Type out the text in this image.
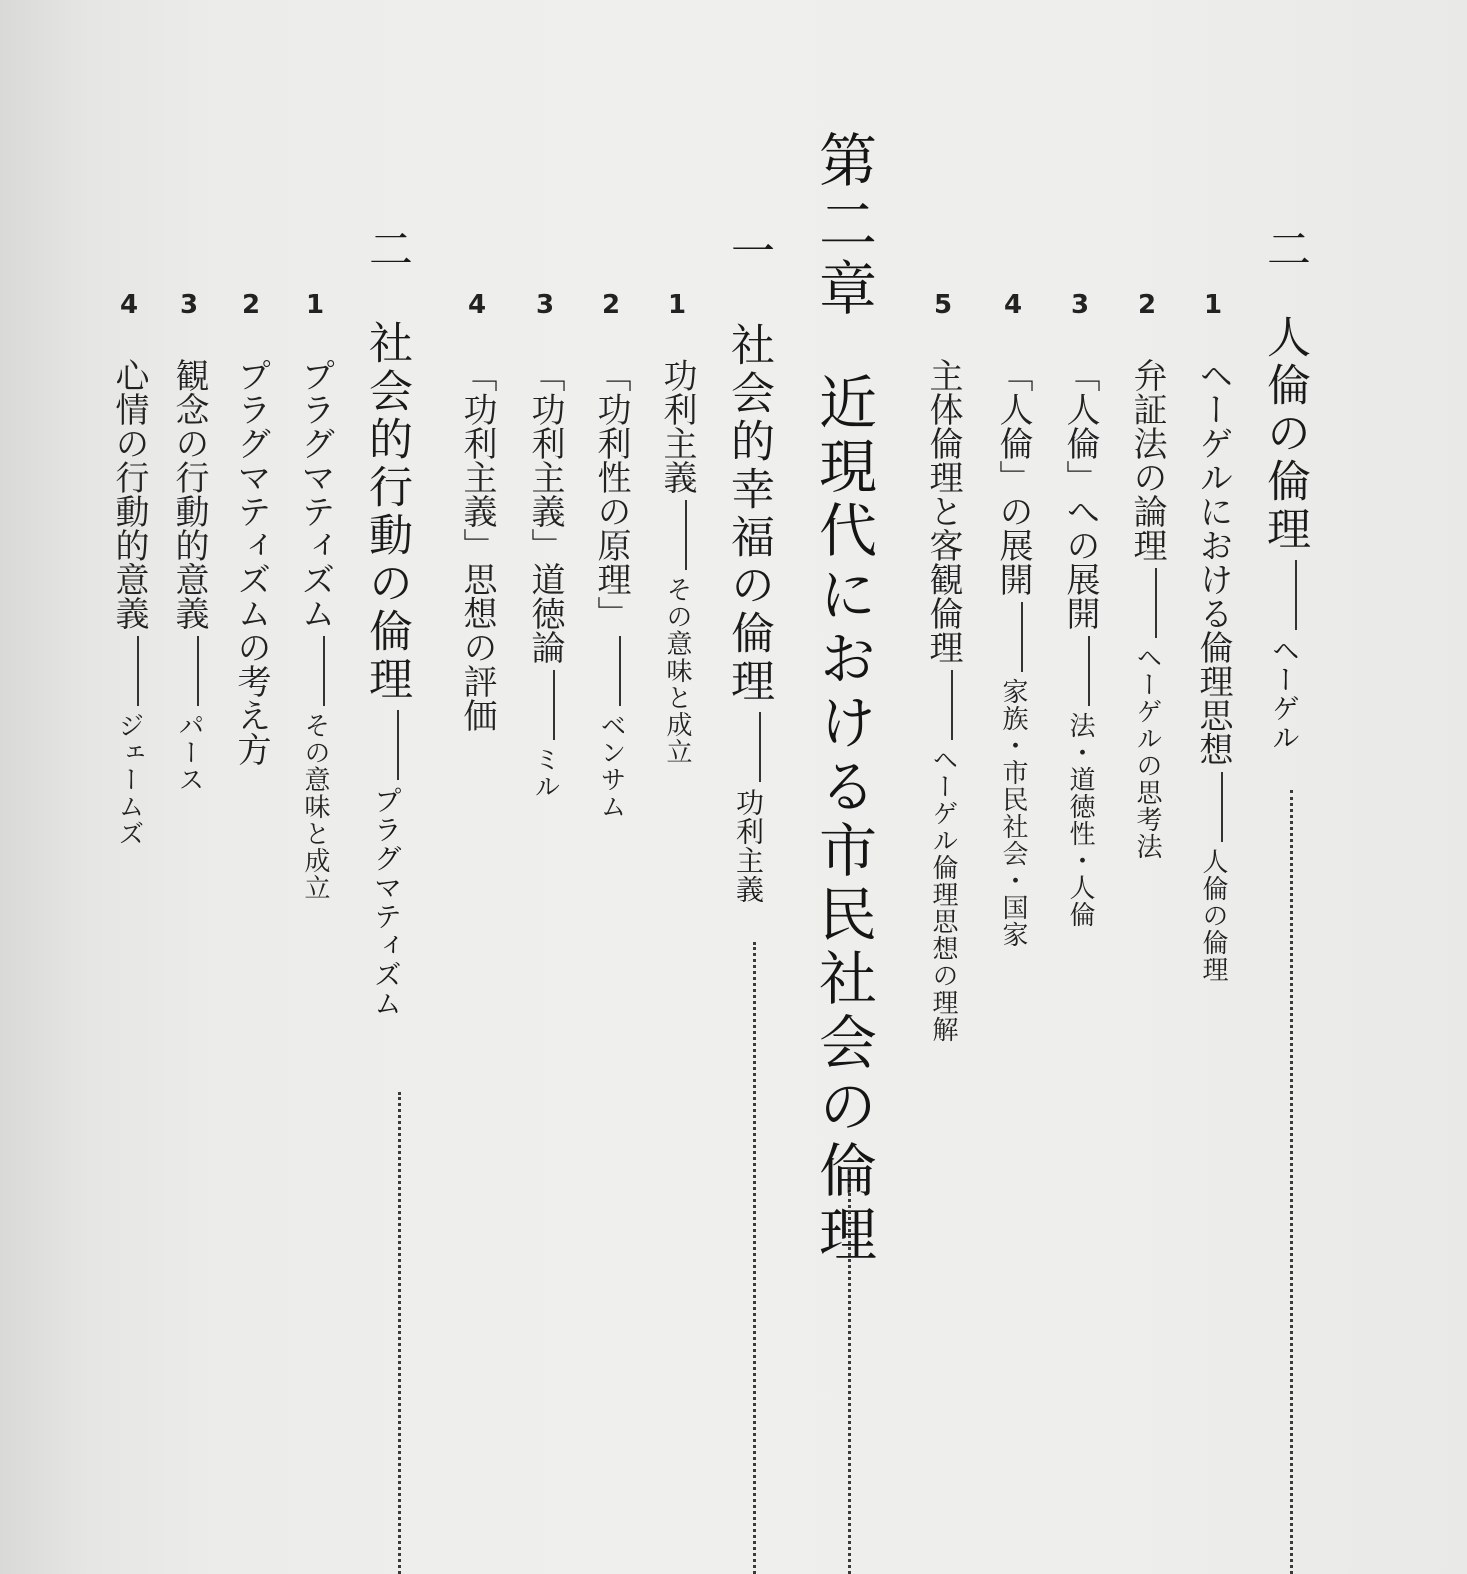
二人倫の倫理ヘーゲル
1ヘーゲルにおける倫理思想人倫の倫理
2弁証法の論理ヘーゲルの思考法
3「人倫」への展開法・道徳性・人倫
4「人倫」の展開家族・市民社会・国家
5主体倫理と客観倫理ヘーゲル倫理思想の理解
第二章近現代における市民社会の倫理
一社会的幸福の倫理功利主義
1功利主義その意味と成立
2「功利性の原理」ベンサム
3「功利主義」道徳論ミル
4「功利主義」思想の評価
二社会的行動の倫理プラグマティズム
1プラグマティズムその意味と成立
2プラグマティズムの考え方
3観念の行動的意義パース
4心情の行動的意義ジェームズ
